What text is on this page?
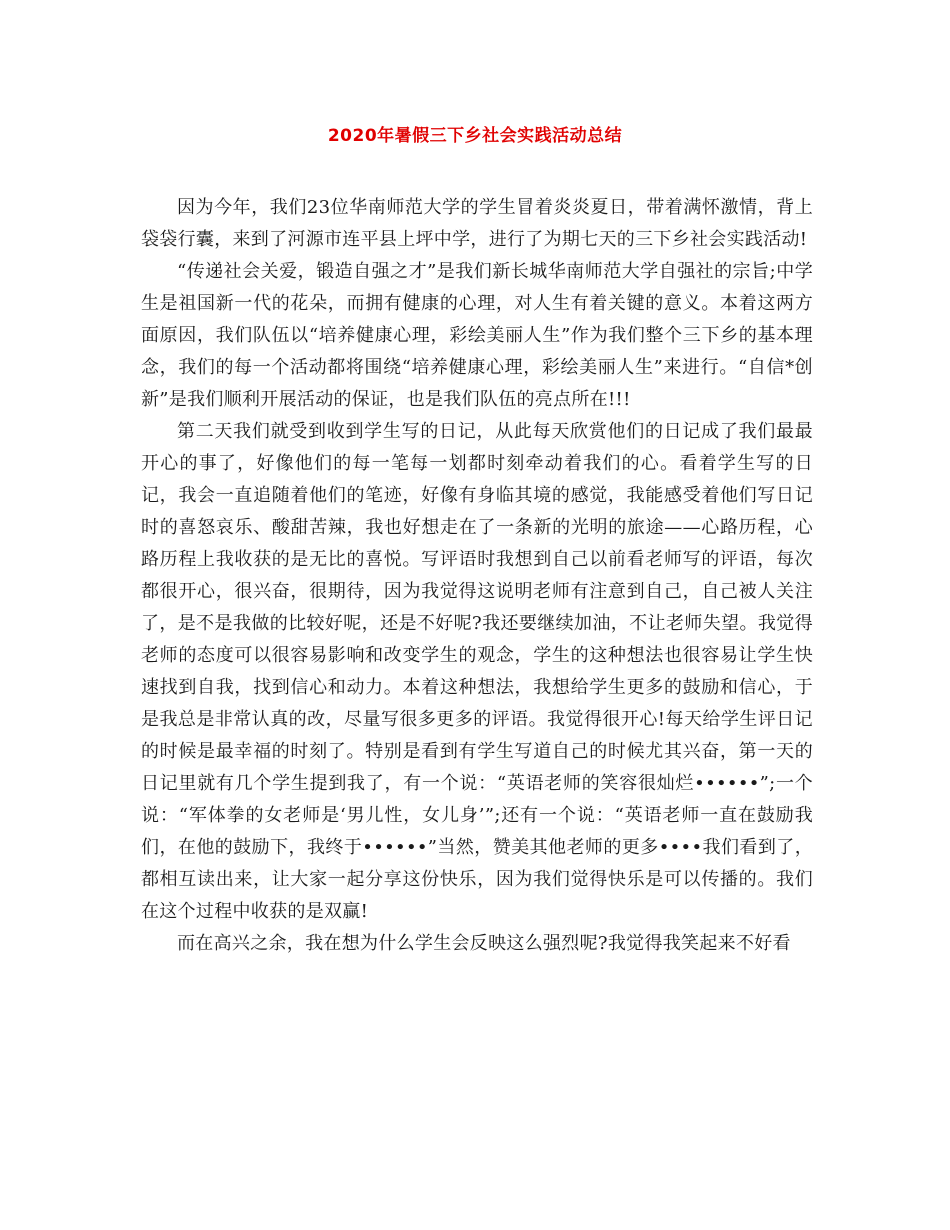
2020年暑假三下乡社会实践活动总结

因为今年，我们23位华南师范大学的学生冒着炎炎夏日，带着满怀激情，背上袋袋行囊，来到了河源市连平县上坪中学，进行了为期七天的三下乡社会实践活动!

“传递社会关爱，锻造自强之才”是我们新长城华南师范大学自强社的宗旨;中学生是祖国新一代的花朵，而拥有健康的心理，对人生有着关键的意义。本着这两方面原因，我们队伍以“培养健康心理，彩绘美丽人生”作为我们整个三下乡的基本理念，我们的每一个活动都将围绕“培养健康心理，彩绘美丽人生”来进行。“自信*创新”是我们顺利开展活动的保证，也是我们队伍的亮点所在!!!

第二天我们就受到收到学生写的日记，从此每天欣赏他们的日记成了我们最最开心的事了，好像他们的每一笔每一划都时刻牵动着我们的心。看着学生写的日记，我会一直追随着他们的笔迹，好像有身临其境的感觉，我能感受着他们写日记时的喜怒哀乐、酸甜苦辣，我也好想走在了一条新的光明的旅途——心路历程，心路历程上我收获的是无比的喜悦。写评语时我想到自己以前看老师写的评语，每次都很开心，很兴奋，很期待，因为我觉得这说明老师有注意到自己，自己被人关注了，是不是我做的比较好呢，还是不好呢?我还要继续加油，不让老师失望。我觉得老师的态度可以很容易影响和改变学生的观念，学生的这种想法也很容易让学生快速找到自我，找到信心和动力。本着这种想法，我想给学生更多的鼓励和信心，于是我总是非常认真的改，尽量写很多更多的评语。我觉得很开心!每天给学生评日记的时候是最幸福的时刻了。特别是看到有学生写道自己的时候尤其兴奋，第一天的日记里就有几个学生提到我了，有一个说：“英语老师的笑容很灿烂••••••”;一个说：“军体拳的女老师是‘男儿性，女儿身’”;还有一个说：“英语老师一直在鼓励我们，在他的鼓励下，我终于••••••”当然，赞美其他老师的更多••••我们看到了，都相互读出来，让大家一起分享这份快乐，因为我们觉得快乐是可以传播的。我们在这个过程中收获的是双赢!

而在高兴之余，我在想为什么学生会反映这么强烈呢?我觉得我笑起来不好看
